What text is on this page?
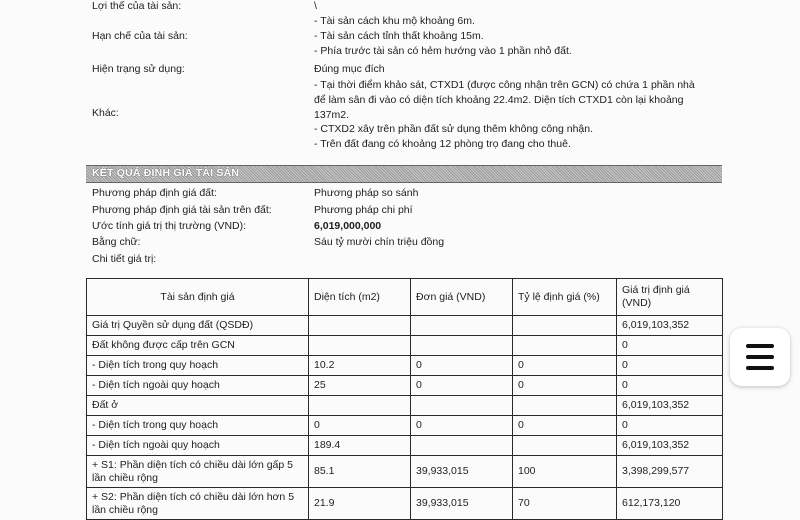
Lợi thế của tài sản:	\
Hạn chế của tài sản:
- Tài sản cách khu mộ khoảng 6m.
- Tài sản cách tỉnh thất khoảng 15m.
- Phía trước tài sản có hẻm hướng vào 1 phần nhỏ đất.
Hiện trạng sử dụng:	Đúng mục đích
Khác:
- Tại thời điểm khảo sát, CTXD1 (được công nhận trên GCN) có chứa 1 phần nhà
để làm sân đi vào có diện tích khoảng 22.4m2. Diện tích CTXD1 còn lại khoảng
137m2.
- CTXD2 xây trên phần đất sử dụng thêm không công nhận.
- Trên đất đang có khoảng 12 phòng trọ đang cho thuê.
KẾT QUẢ ĐỊNH GIÁ TÀI SẢN
Phương pháp định giá đất:	Phương pháp so sánh
Phương pháp định giá tài sản trên đất:	Phương pháp chi phí
Ước tính giá trị thị trường (VND):	6,019,000,000
Bằng chữ:	Sáu tỷ mười chín triệu đồng
Chi tiết giá trị:
Tài sản định giá	Diện tích (m2)	Đơn giá (VND)	Tỷ lệ định giá (%)	Giá trị định giá (VND)
Giá trị Quyền sử dụng đất (QSDĐ)				6,019,103,352
Đất không được cấp trên GCN				0
- Diện tích trong quy hoạch	10.2	0	0	0
- Diện tích ngoài quy hoạch	25	0	0	0
Đất ở				6,019,103,352
- Diện tích trong quy hoạch	0	0	0	0
- Diện tích ngoài quy hoạch	189.4			6,019,103,352
+ S1: Phần diện tích có chiều dài lớn gấp 5 lần chiều rộng	85.1	39,933,015	100	3,398,299,577
+ S2: Phần diện tích có chiều dài lớn hơn 5 lần chiều rộng	21.9	39,933,015	70	612,173,120
